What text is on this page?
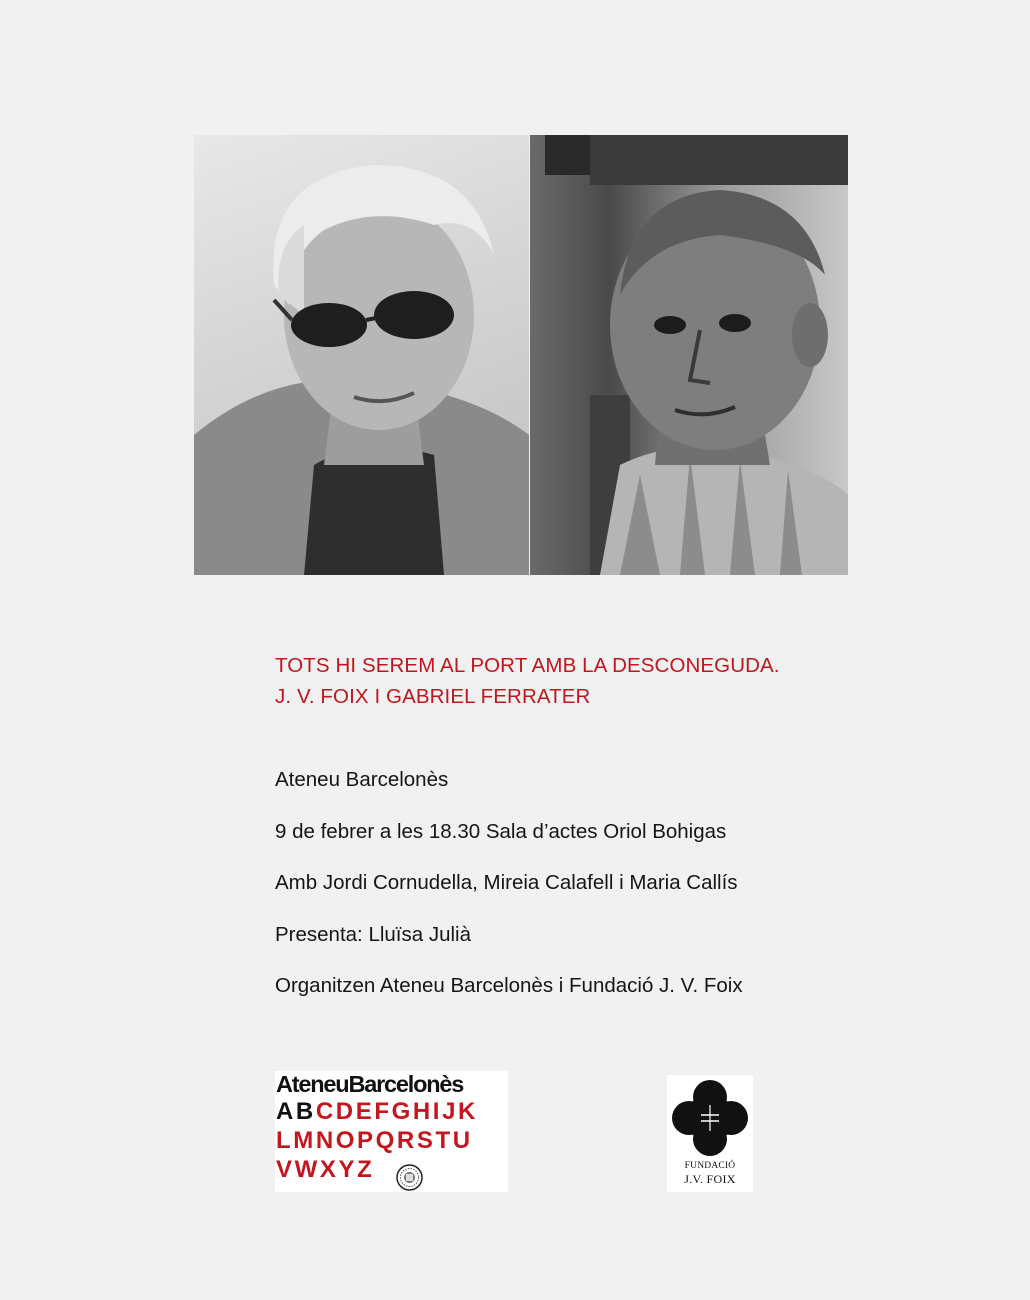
TOTS HI SEREM AL PORT AMB LA DESCONEGUDA.
J. V. FOIX I GABRIEL FERRATER
Ateneu Barcelonès
9 de febrer a les 18.30 Sala d’actes Oriol Bohigas
Amb Jordi Cornudella, Mireia Calafell i Maria Callís
Presenta: Lluïsa Julià
Organitzen Ateneu Barcelonès i Fundació J. V. Foix
AteneuBarcelonès
ABCDEFGHIJK
LMNOPQRSTU
VWXYZ	FUNDACIÓ
J.V. FOIX
